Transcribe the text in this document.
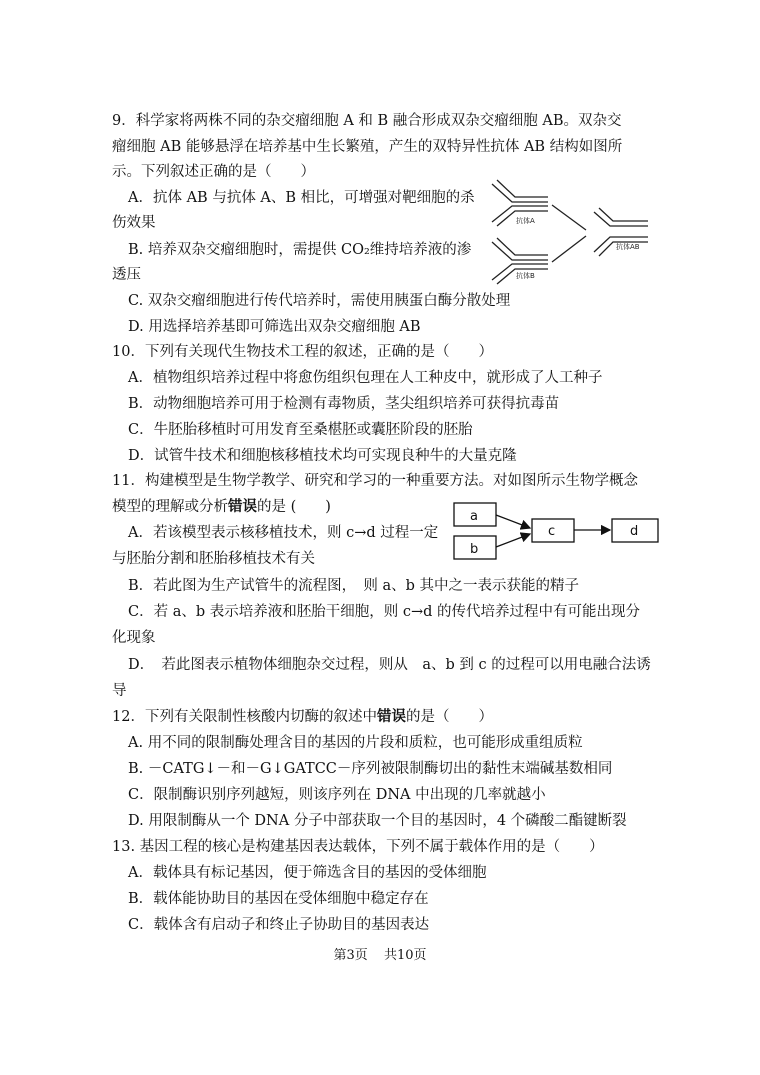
9．科学家将两株不同的杂交瘤细胞 A 和 B 融合形成双杂交瘤细胞 AB。双杂交
瘤细胞 AB 能够悬浮在培养基中生长繁殖，产生的双特异性抗体 AB 结构如图所
示。下列叙述正确的是（　　）
A．抗体 AB 与抗体 A、B 相比，可增强对靶细胞的杀
伤效果
B. 培养双杂交瘤细胞时，需提供 CO₂维持培养液的渗
透压
C. 双杂交瘤细胞进行传代培养时，需使用胰蛋白酶分散处理
D. 用选择培养基即可筛选出双杂交瘤细胞 AB
抗体A
抗体B
抗体AB
10．下列有关现代生物技术工程的叙述，正确的是（　　）
A．植物组织培养过程中将愈伤组织包理在人工种皮中，就形成了人工种子
B．动物细胞培养可用于检测有毒物质，茎尖组织培养可获得抗毒苗
C．牛胚胎移植时可用发育至桑椹胚或囊胚阶段的胚胎
D．试管牛技术和细胞核移植技术均可实现良种牛的大量克隆
11．构建模型是生物学教学、研究和学习的一种重要方法。对如图所示生物学概念
模型的理解或分析错误的是 (　　)
A．若该模型表示核移植技术，则 c→d 过程一定
与胚胎分割和胚胎移植技术有关
B．若此图为生产试管牛的流程图，　则 a、b 其中之一表示获能的精子
C．若 a、b 表示培养液和胚胎干细胞，则 c→d 的传代培养过程中有可能出现分
化现象
D．　若此图表示植物体细胞杂交过程，则从　a、b 到 c 的过程可以用电融合法诱
导
a
b
c	d
12．下列有关限制性核酸内切酶的叙述中错误的是（　　）
A. 用不同的限制酶处理含目的基因的片段和质粒，也可能形成重组质粒
B. －CATG↓－和－G↓GATCC－序列被限制酶切出的黏性末端碱基数相同
C．限制酶识别序列越短，则该序列在 DNA 中出现的几率就越小
D. 用限制酶从一个 DNA 分子中部获取一个目的基因时，4 个磷酸二酯键断裂
13. 基因工程的核心是构建基因表达载体，下列不属于载体作用的是（　　）
A．载体具有标记基因，便于筛选含目的基因的受体细胞
B．载体能协助目的基因在受体细胞中稳定存在
C．载体含有启动子和终止子协助目的基因表达
第3页 共10页
